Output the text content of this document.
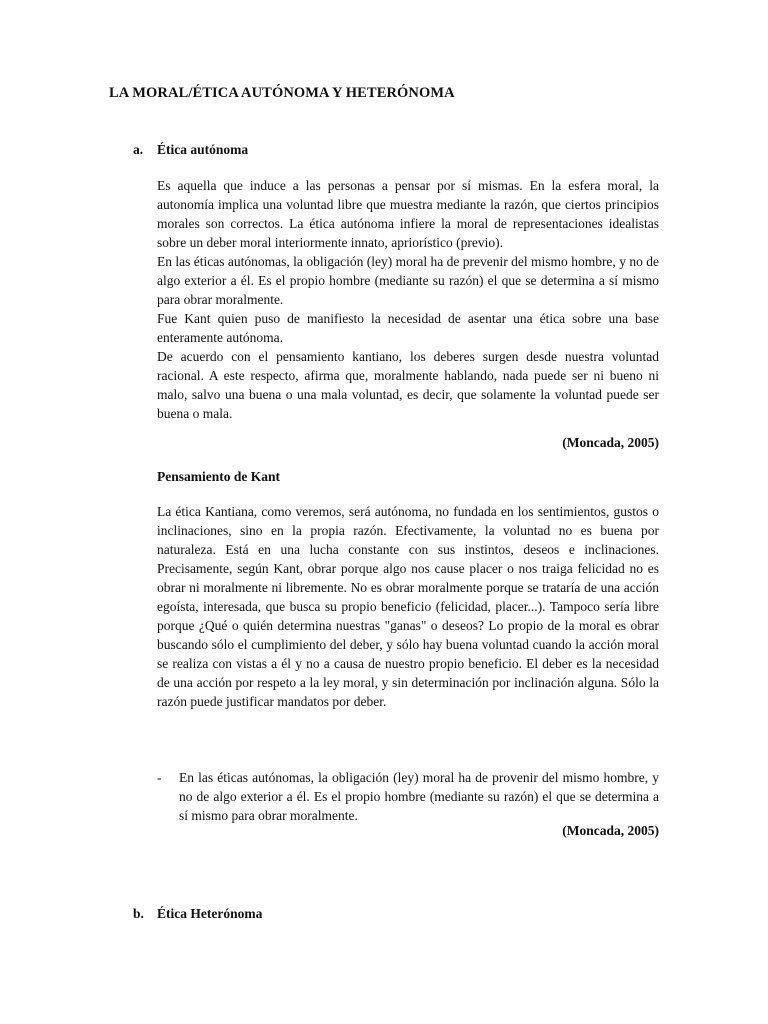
LA MORAL/ÉTICA AUTÓNOMA Y HETERÓNOMA
a. Ética autónoma

Es aquella que induce a las personas a pensar por sí mismas. En la esfera moral, la autonomía implica una voluntad libre que muestra mediante la razón, que ciertos principios morales son correctos. La ética autónoma infiere la moral de representaciones idealistas sobre un deber moral interiormente innato, apriorístico (previo).

En las éticas autónomas, la obligación (ley) moral ha de prevenir del mismo hombre, y no de algo exterior a él. Es el propio hombre (mediante su razón) el que se determina a sí mismo para obrar moralmente.

Fue Kant quien puso de manifiesto la necesidad de asentar una ética sobre una base enteramente autónoma.

De acuerdo con el pensamiento kantiano, los deberes surgen desde nuestra voluntad racional. A este respecto, afirma que, moralmente hablando, nada puede ser ni bueno ni malo, salvo una buena o una mala voluntad, es decir, que solamente la voluntad puede ser buena o mala.

(Moncada, 2005)
Pensamiento de Kant

La ética Kantiana, como veremos, será autónoma, no fundada en los sentimientos, gustos o inclinaciones, sino en la propia razón. Efectivamente, la voluntad no es buena por naturaleza. Está en una lucha constante con sus instintos, deseos e inclinaciones. Precisamente, según Kant, obrar porque algo nos cause placer o nos traiga felicidad no es obrar ni moralmente ni libremente. No es obrar moralmente porque se trataría de una acción egoísta, interesada, que busca su propio beneficio (felicidad, placer...). Tampoco sería libre porque ¿Qué o quién determina nuestras "ganas" o deseos? Lo propio de la moral es obrar buscando sólo el cumplimiento del deber, y sólo hay buena voluntad cuando la acción moral se realiza con vistas a él y no a causa de nuestro propio beneficio. El deber es la necesidad de una acción por respeto a la ley moral, y sin determinación por inclinación alguna. Sólo la razón puede justificar mandatos por deber.

- En las éticas autónomas, la obligación (ley) moral ha de provenir del mismo hombre, y no de algo exterior a él. Es el propio hombre (mediante su razón) el que se determina a sí mismo para obrar moralmente.
(Moncada, 2005)
b. Ética Heterónoma
